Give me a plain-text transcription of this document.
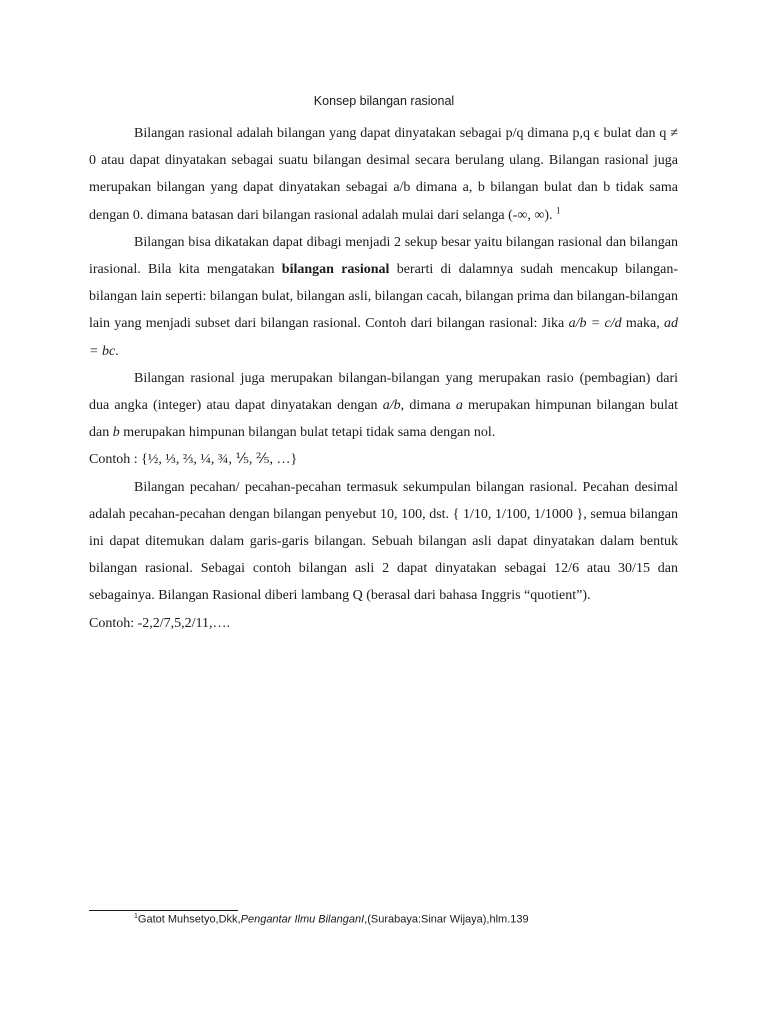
Konsep bilangan rasional

Bilangan rasional adalah bilangan yang dapat dinyatakan sebagai p/q dimana p,q ϵ bulat dan q ≠ 0 atau dapat dinyatakan sebagai suatu bilangan desimal secara berulang ulang. Bilangan rasional juga merupakan bilangan yang dapat dinyatakan sebagai a/b dimana a, b bilangan bulat dan b tidak sama dengan 0. dimana batasan dari bilangan rasional adalah mulai dari selanga (-∞, ∞). $^1$

Bilangan bisa dikatakan dapat dibagi menjadi 2 sekup besar yaitu bilangan rasional dan bilangan irasional. Bila kita mengatakan bilangan rasional berarti di dalamnya sudah mencakup bilangan-bilangan lain seperti: bilangan bulat, bilangan asli, bilangan cacah, bilangan prima dan bilangan-bilangan lain yang menjadi subset dari bilangan rasional. Contoh dari bilangan rasional: Jika a/b = c/d maka, ad = bc.

Bilangan rasional juga merupakan bilangan-bilangan yang merupakan rasio (pembagian) dari dua angka (integer) atau dapat dinyatakan dengan a/b, dimana a merupakan himpunan bilangan bulat dan b merupakan himpunan bilangan bulat tetapi tidak sama dengan nol.

Contoh : {½, ⅓, ⅔, ¼, ¾, ⅕, ⅖, …}

Bilangan pecahan/ pecahan-pecahan termasuk sekumpulan bilangan rasional. Pecahan desimal adalah pecahan-pecahan dengan bilangan penyebut 10, 100, dst. { 1/10, 1/100, 1/1000 }, semua bilangan ini dapat ditemukan dalam garis-garis bilangan. Sebuah bilangan asli dapat dinyatakan dalam bentuk bilangan rasional. Sebagai contoh bilangan asli 2 dapat dinyatakan sebagai 12/6 atau 30/15 dan sebagainya. Bilangan Rasional diberi lambang Q (berasal dari bahasa Inggris “quotient”).

Contoh: -2,2/7,5,2/11,….

$^1$Gatot Muhsetyo,Dkk,Pengantar Ilmu BilanganI,(Surabaya:Sinar Wijaya),hlm.139
